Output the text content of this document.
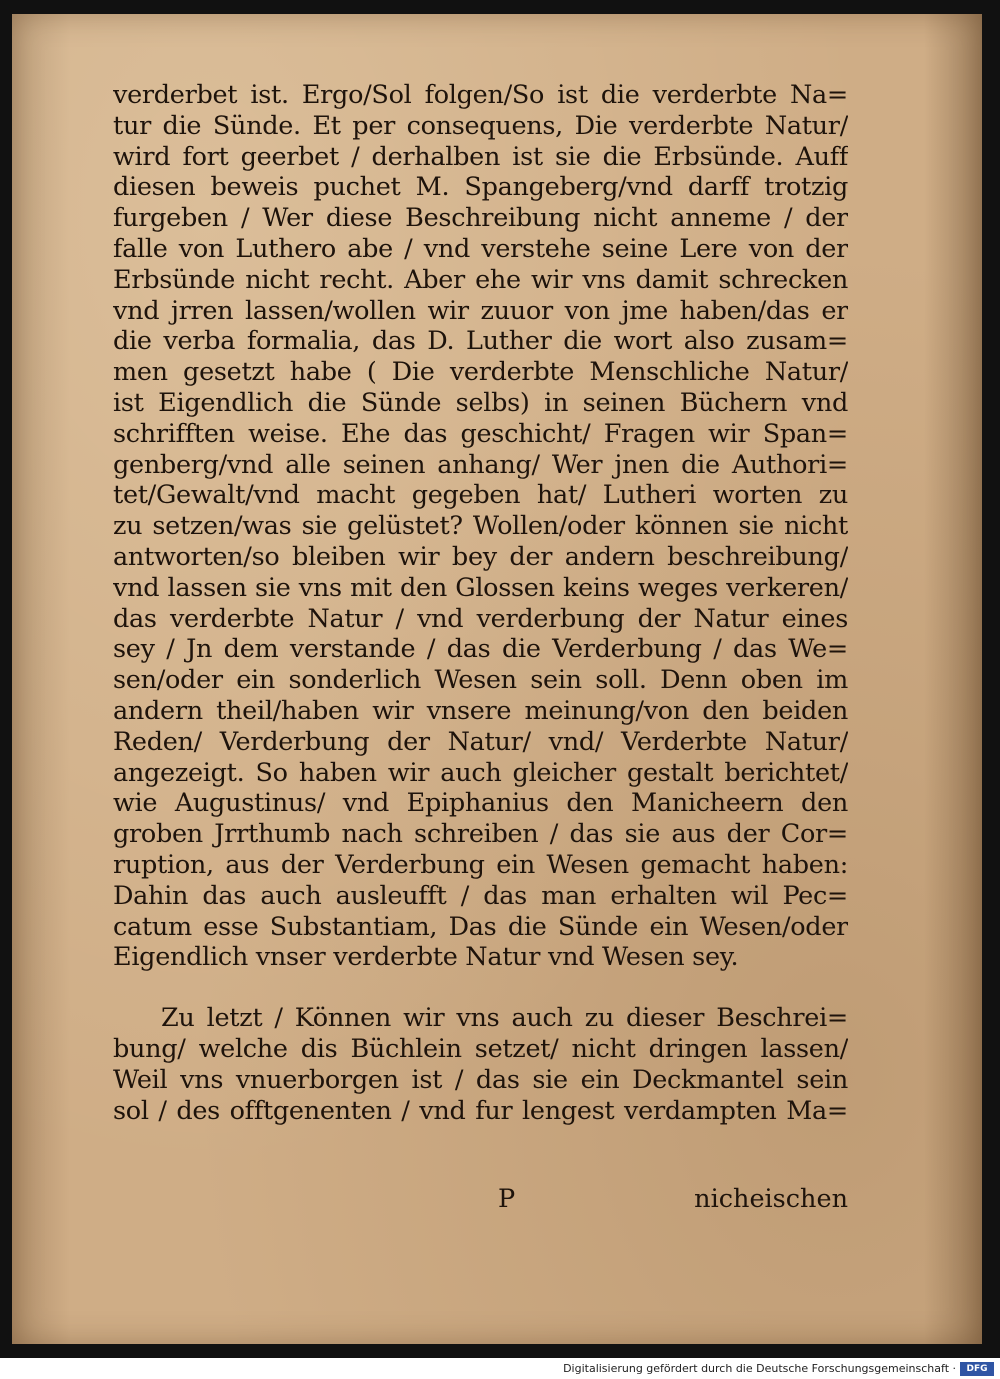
verderbet ist. Ergo/Sol folgen/So ist die verderbte Na=
tur die Sünde. Et per consequens, Die verderbte Natur/
wird fort geerbet / derhalben ist sie die Erbsünde. Auff
diesen beweis puchet M. Spangeberg/vnd darff trotzig
furgeben / Wer diese Beschreibung nicht anneme / der
falle von Luthero abe / vnd verstehe seine Lere von der
Erbsünde nicht recht. Aber ehe wir vns damit schrecken
vnd jrren lassen/wollen wir zuuor von jme haben/das er
die verba formalia, das D. Luther die wort also zusam=
men gesetzt habe ( Die verderbte Menschliche Natur/
ist Eigendlich die Sünde selbs) in seinen Büchern vnd
schrifften weise. Ehe das geschicht/ Fragen wir Span=
genberg/vnd alle seinen anhang/ Wer jnen die Authori=
tet/Gewalt/vnd macht gegeben hat/ Lutheri worten zu
zu setzen/was sie gelüstet? Wollen/oder können sie nicht
antworten/so bleiben wir bey der andern beschreibung/
vnd lassen sie vns mit den Glossen keins weges verkeren/
das verderbte Natur / vnd verderbung der Natur eines
sey / Jn dem verstande / das die Verderbung / das We=
sen/oder ein sonderlich Wesen sein soll. Denn oben im
andern theil/haben wir vnsere meinung/von den beiden
Reden/ Verderbung der Natur/ vnd/ Verderbte Natur/
angezeigt. So haben wir auch gleicher gestalt berichtet/
wie Augustinus/ vnd Epiphanius den Manicheern den
groben Jrrthumb nach schreiben / das sie aus der Cor=
ruption, aus der Verderbung ein Wesen gemacht haben:
Dahin das auch ausleufft / das man erhalten wil Pec=
catum esse Substantiam, Das die Sünde ein Wesen/oder
Eigendlich vnser verderbte Natur vnd Wesen sey.
Zu letzt / Können wir vns auch zu dieser Beschrei=
bung/ welche dis Büchlein setzet/ nicht dringen lassen/
Weil vns vnuerborgen ist / das sie ein Deckmantel sein
sol / des offtgenenten / vnd fur lengest verdampten Ma=
P	nicheischen
Digitalisierung gefördert durch die Deutsche Forschungsgemeinschaft ·	DFG
